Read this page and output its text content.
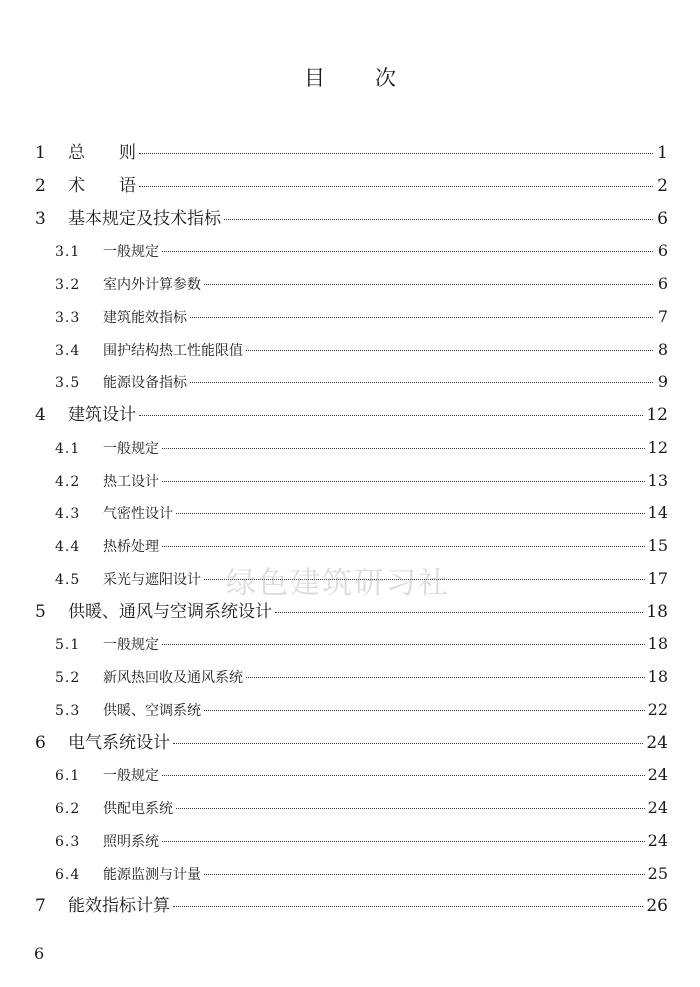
目 次
1	总　　则	1
2	术　　语	2
3	基本规定及技术指标	6
3.1	一般规定	6
3.2	室内外计算参数	6
3.3	建筑能效指标	7
3.4	围护结构热工性能限值	8
3.5	能源设备指标	9
4	建筑设计	12
4.1	一般规定	12
4.2	热工设计	13
4.3	气密性设计	14
4.4	热桥处理	15
4.5	采光与遮阳设计	17
5	供暖、通风与空调系统设计	18
5.1	一般规定	18
5.2	新风热回收及通风系统	18
5.3	供暖、空调系统	22
6	电气系统设计	24
6.1	一般规定	24
6.2	供配电系统	24
6.3	照明系统	24
6.4	能源监测与计量	25
7	能效指标计算	26
绿色建筑研习社
6
